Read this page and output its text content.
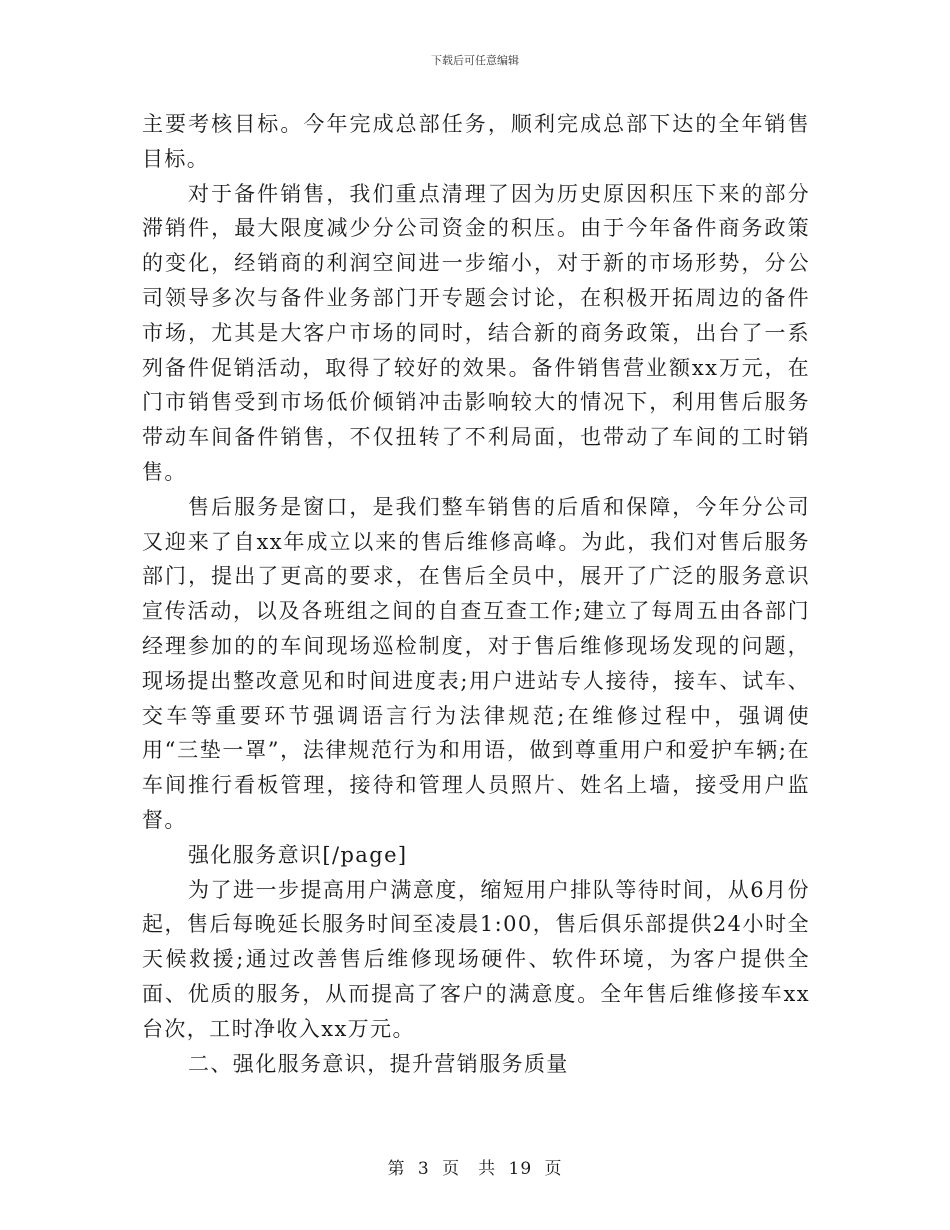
下载后可任意编辑

主要考核目标。今年完成总部任务，顺利完成总部下达的全年销售目标。

对于备件销售，我们重点清理了因为历史原因积压下来的部分滞销件，最大限度减少分公司资金的积压。由于今年备件商务政策的变化，经销商的利润空间进一步缩小，对于新的市场形势，分公司领导多次与备件业务部门开专题会讨论，在积极开拓周边的备件市场，尤其是大客户市场的同时，结合新的商务政策，出台了一系列备件促销活动，取得了较好的效果。备件销售营业额xx万元，在门市销售受到市场低价倾销冲击影响较大的情况下，利用售后服务带动车间备件销售，不仅扭转了不利局面，也带动了车间的工时销售。

售后服务是窗口，是我们整车销售的后盾和保障，今年分公司又迎来了自xx年成立以来的售后维修高峰。为此，我们对售后服务部门，提出了更高的要求，在售后全员中，展开了广泛的服务意识宣传活动，以及各班组之间的自查互查工作;建立了每周五由各部门经理参加的的车间现场巡检制度，对于售后维修现场发现的问题，现场提出整改意见和时间进度表;用户进站专人接待，接车、试车、交车等重要环节强调语言行为法律规范;在维修过程中，强调使用“三垫一罩”，法律规范行为和用语，做到尊重用户和爱护车辆;在车间推行看板管理，接待和管理人员照片、姓名上墙，接受用户监督。

强化服务意识[/page]

为了进一步提高用户满意度，缩短用户排队等待时间，从6月份起，售后每晚延长服务时间至凌晨1:00，售后俱乐部提供24小时全天候救援;通过改善售后维修现场硬件、软件环境，为客户提供全面、优质的服务，从而提高了客户的满意度。全年售后维修接车xx台次，工时净收入xx万元。

二、强化服务意识，提升营销服务质量

第 3 页　共 19 页
